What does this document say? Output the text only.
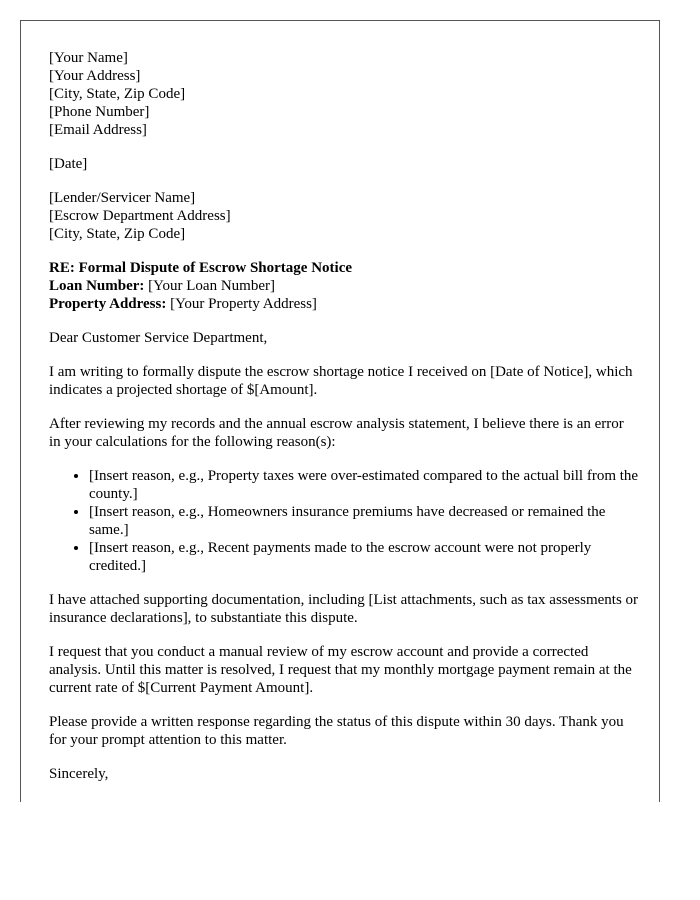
[Your Name]
[Your Address]
[City, State, Zip Code]
[Phone Number]
[Email Address]
[Date]
[Lender/Servicer Name]
[Escrow Department Address]
[City, State, Zip Code]
RE: Formal Dispute of Escrow Shortage Notice
Loan Number: [Your Loan Number]
Property Address: [Your Property Address]

Dear Customer Service Department,

I am writing to formally dispute the escrow shortage notice I received on [Date of Notice], which indicates a projected shortage of $[Amount].

After reviewing my records and the annual escrow analysis statement, I believe there is an error in your calculations for the following reason(s):

• [Insert reason, e.g., Property taxes were over-estimated compared to the actual bill from the county.]
• [Insert reason, e.g., Homeowners insurance premiums have decreased or remained the same.]
• [Insert reason, e.g., Recent payments made to the escrow account were not properly credited.]

I have attached supporting documentation, including [List attachments, such as tax assessments or insurance declarations], to substantiate this dispute.

I request that you conduct a manual review of my escrow account and provide a corrected analysis. Until this matter is resolved, I request that my monthly mortgage payment remain at the current rate of $[Current Payment Amount].

Please provide a written response regarding the status of this dispute within 30 days. Thank you for your prompt attention to this matter.

Sincerely,
